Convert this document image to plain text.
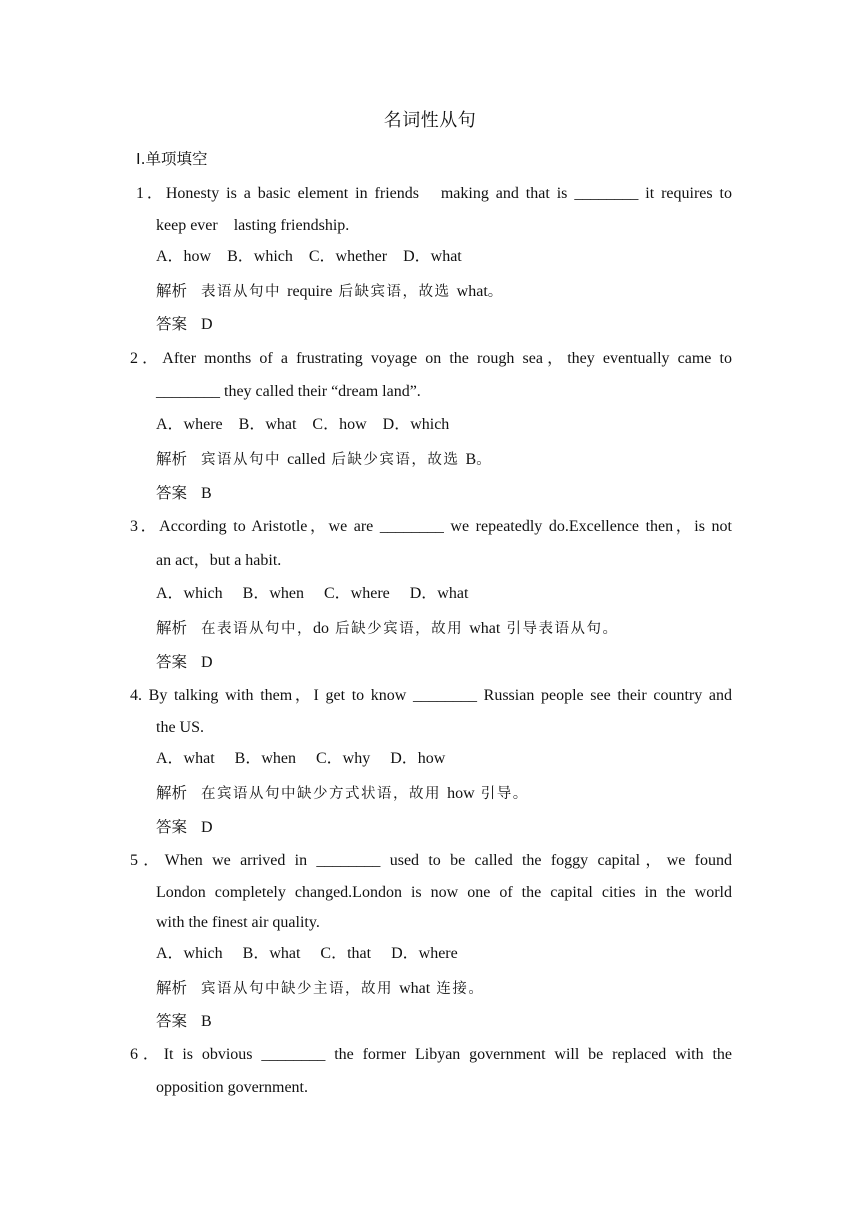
名词性从句
Ⅰ.单项填空
1．Honesty is a basic element in friends　making and that is ________ it requires to
keep ever　lasting friendship.
A．how　B．which　C．whether　D．what
解析 表语从句中 require 后缺宾语，故选 what。
答案 D
2．After months of a frustrating voyage on the rough sea，they eventually came to
________ they called their “dream land”.
A．where　B．what　C．how　D．which
解析 宾语从句中 called 后缺少宾语，故选 B。
答案 B
3．According to Aristotle，we are ________ we repeatedly do.Excellence then，is not
an act，but a habit.
A．which　 B．when　 C．where　 D．what
解析 在表语从句中，do 后缺少宾语，故用 what 引导表语从句。
答案 D
4. By talking with them，I get to know ________ Russian people see their country and
the US.
A．what　 B．when　 C．why　 D．how
解析 在宾语从句中缺少方式状语，故用 how 引导。
答案 D
5．When we arrived in ________ used to be called the foggy capital，we found
London completely changed.London is now one of the capital cities in the world
with the finest air quality.
A．which　 B．what　 C．that　 D．where
解析 宾语从句中缺少主语，故用 what 连接。
答案 B
6．It is obvious ________ the former Libyan government will be replaced with the
opposition government.
